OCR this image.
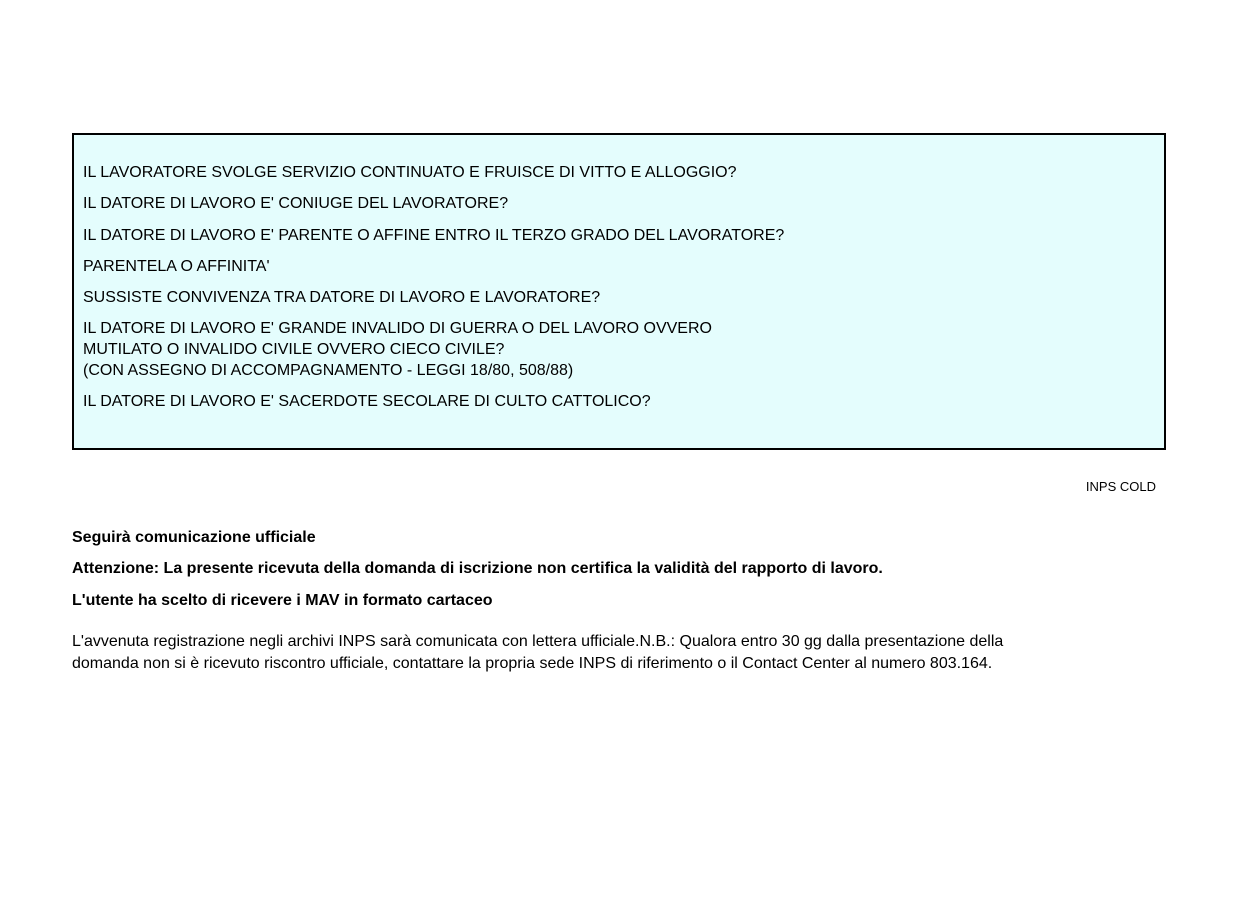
IL LAVORATORE SVOLGE SERVIZIO CONTINUATO E FRUISCE DI VITTO E ALLOGGIO?
IL DATORE DI LAVORO E' CONIUGE DEL LAVORATORE?
IL DATORE DI LAVORO E' PARENTE O AFFINE ENTRO IL TERZO GRADO DEL LAVORATORE?
PARENTELA O AFFINITA'
SUSSISTE CONVIVENZA TRA DATORE DI LAVORO E LAVORATORE?
IL DATORE DI LAVORO E' GRANDE INVALIDO DI GUERRA O DEL LAVORO OVVERO
MUTILATO O INVALIDO CIVILE OVVERO CIECO CIVILE?
(CON ASSEGNO DI ACCOMPAGNAMENTO - LEGGI 18/80, 508/88)
IL DATORE DI LAVORO E' SACERDOTE SECOLARE DI CULTO CATTOLICO?
INPS COLD
Seguirà comunicazione ufficiale
Attenzione: La presente ricevuta della domanda di iscrizione non certifica la validità del rapporto di lavoro.
L'utente ha scelto di ricevere i MAV in formato cartaceo
L'avvenuta registrazione negli archivi INPS sarà comunicata con lettera ufficiale.N.B.: Qualora entro 30 gg dalla presentazione della domanda non si è ricevuto riscontro ufficiale, contattare la propria sede INPS di riferimento o il Contact Center al numero 803.164.
